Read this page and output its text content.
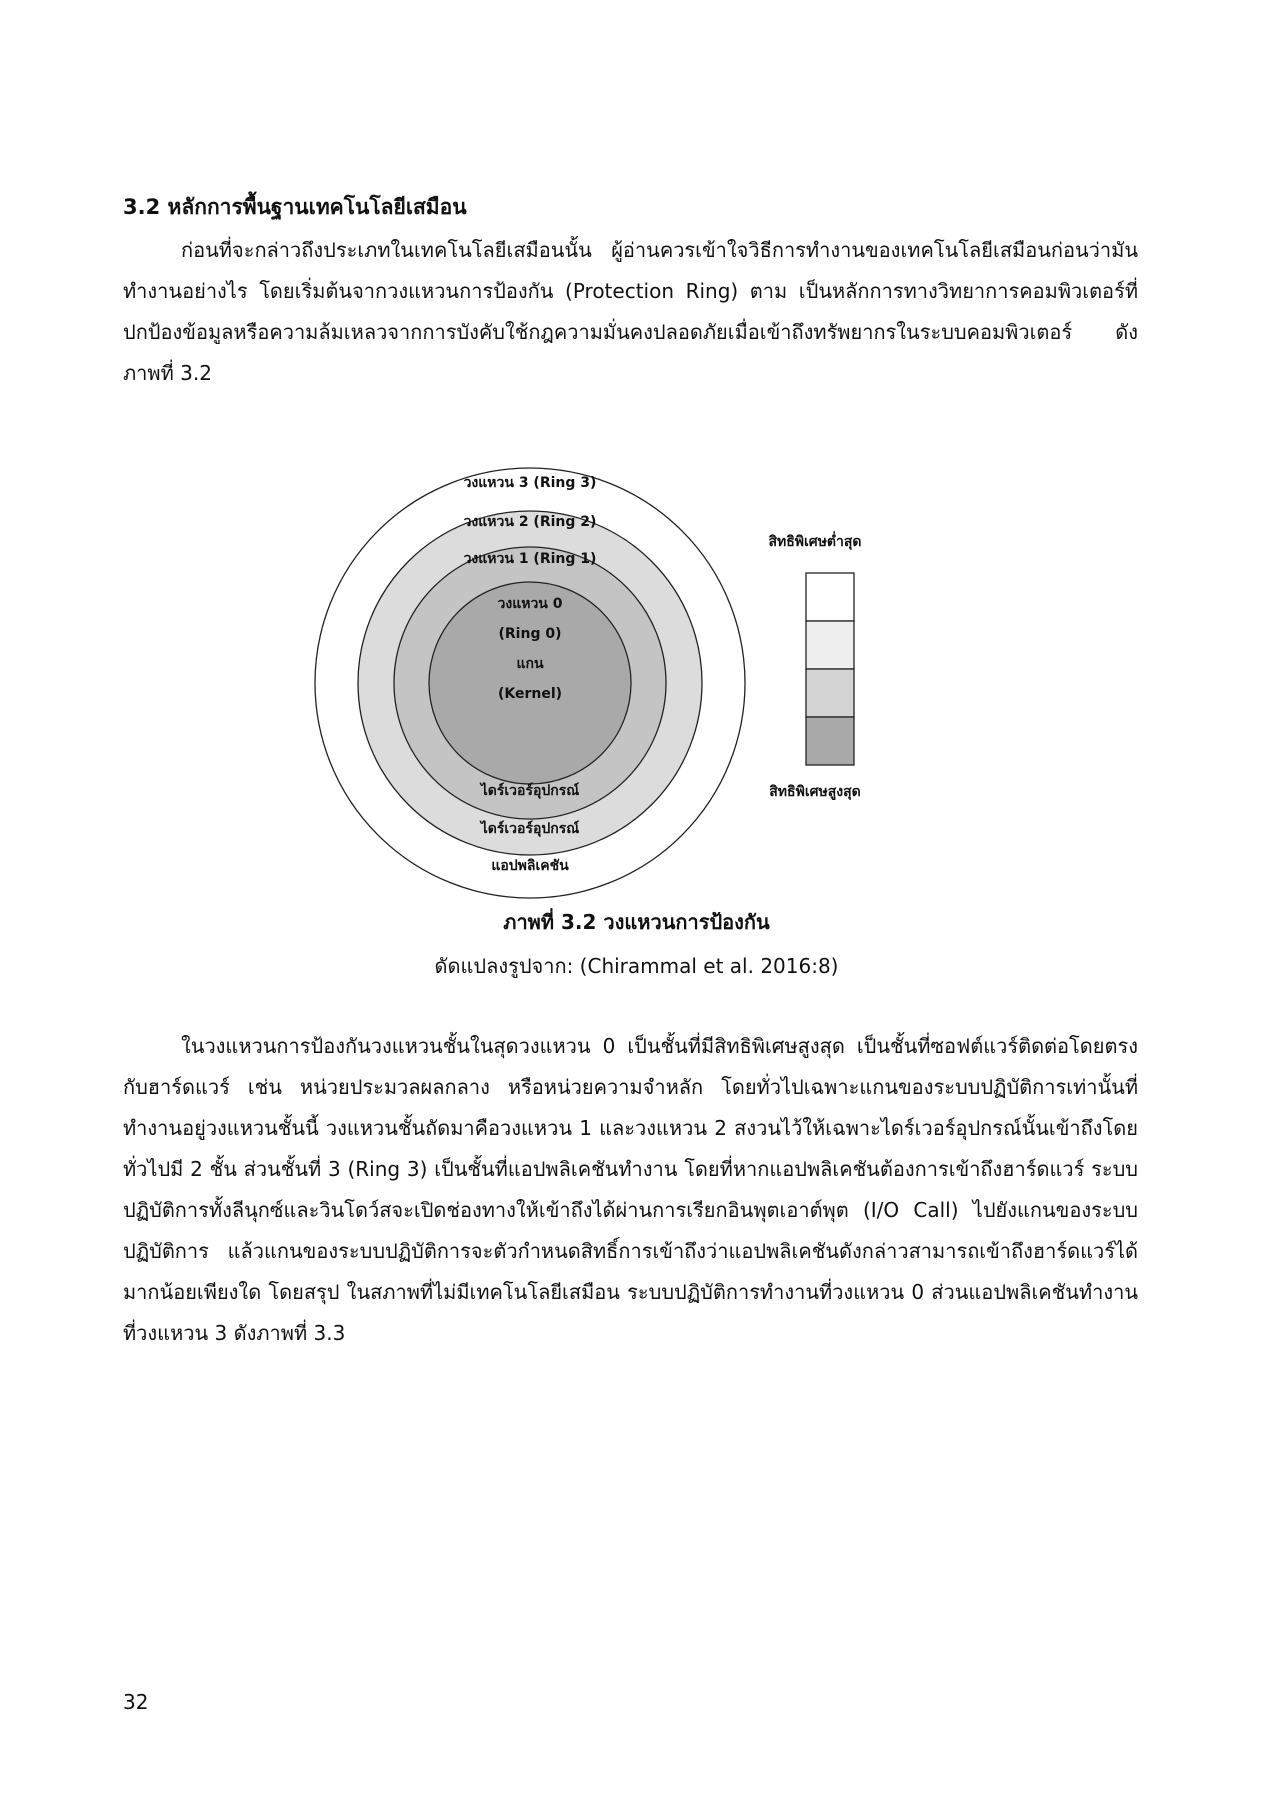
3.2 หลักการพื้นฐานเทคโนโลยีเสมือน

ก่อนที่จะกล่าวถึงประเภทในเทคโนโลยีเสมือนนั้น ผู้อ่านควรเข้าใจวิธีการทำงานของเทคโนโลยีเสมือนก่อนว่ามันทำงานอย่างไร โดยเริ่มต้นจากวงแหวนการป้องกัน (Protection Ring) ตาม เป็นหลักการทางวิทยาการคอมพิวเตอร์ที่ปกป้องข้อมูลหรือความล้มเหลวจากการบังคับใช้กฎความมั่นคงปลอดภัยเมื่อเข้าถึงทรัพยากรในระบบคอมพิวเตอร์ ดังภาพที่ 3.2

วงแหวน 3 (Ring 3)
วงแหวน 2 (Ring 2)
วงแหวน 1 (Ring 1)
วงแหวน 0
(Ring 0)
แกน
(Kernel)
ไดร์เวอร์อุปกรณ์
ไดร์เวอร์อุปกรณ์
แอปพลิเคชัน
สิทธิพิเศษต่ำสุด
สิทธิพิเศษสูงสุด

ภาพที่ 3.2 วงแหวนการป้องกัน

ดัดแปลงรูปจาก: (Chirammal et al. 2016:8)

ในวงแหวนการป้องกันวงแหวนชั้นในสุดวงแหวน 0 เป็นชั้นที่มีสิทธิพิเศษสูงสุด เป็นชั้นที่ซอฟต์แวร์ติดต่อโดยตรงกับฮาร์ดแวร์ เช่น หน่วยประมวลผลกลาง หรือหน่วยความจำหลัก โดยทั่วไปเฉพาะแกนของระบบปฏิบัติการเท่านั้นที่ทำงานอยู่วงแหวนชั้นนี้ วงแหวนชั้นถัดมาคือวงแหวน 1 และวงแหวน 2 สงวนไว้ให้เฉพาะไดร์เวอร์อุปกรณ์นั้นเข้าถึงโดยทั่วไปมี 2 ชั้น ส่วนชั้นที่ 3 (Ring 3) เป็นชั้นที่แอปพลิเคชันทำงาน โดยที่หากแอปพลิเคชันต้องการเข้าถึงฮาร์ดแวร์ ระบบปฏิบัติการทั้งลีนุกซ์และวินโดว์สจะเปิดช่องทางให้เข้าถึงได้ผ่านการเรียกอินพุตเอาต์พุต (I/O Call) ไปยังแกนของระบบปฏิบัติการ แล้วแกนของระบบปฏิบัติการจะตัวกำหนดสิทธิ์การเข้าถึงว่าแอปพลิเคชันดังกล่าวสามารถเข้าถึงฮาร์ดแวร์ได้มากน้อยเพียงใด โดยสรุป ในสภาพที่ไม่มีเทคโนโลยีเสมือน ระบบปฏิบัติการทำงานที่วงแหวน 0 ส่วนแอปพลิเคชันทำงานที่วงแหวน 3 ดังภาพที่ 3.3

32
